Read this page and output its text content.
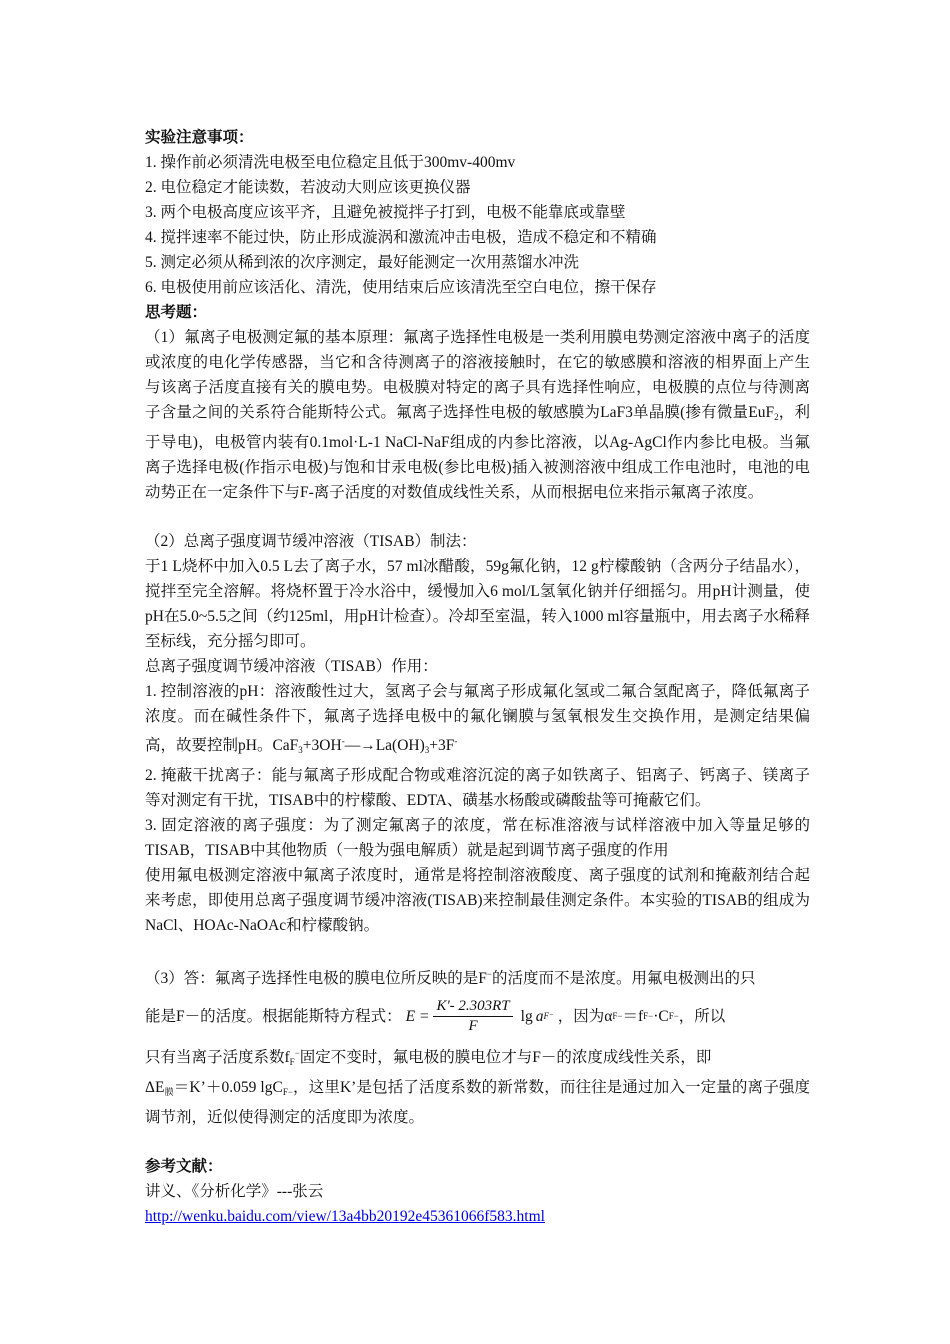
实验注意事项：
1. 操作前必须清洗电极至电位稳定且低于300mv-400mv
2. 电位稳定才能读数，若波动大则应该更换仪器
3. 两个电极高度应该平齐，且避免被搅拌子打到，电极不能靠底或靠壁
4. 搅拌速率不能过快，防止形成漩涡和激流冲击电极，造成不稳定和不精确
5. 测定必须从稀到浓的次序测定，最好能测定一次用蒸馏水冲洗
6. 电极使用前应该活化、清洗，使用结束后应该清洗至空白电位，擦干保存
思考题：
（1）氟离子电极测定氟的基本原理：氟离子选择性电极是一类利用膜电势测定溶液中离子的活度或浓度的电化学传感器，当它和含待测离子的溶液接触时，在它的敏感膜和溶液的相界面上产生与该离子活度直接有关的膜电势。电极膜对特定的离子具有选择性响应，电极膜的点位与待测离子含量之间的关系符合能斯特公式。氟离子选择性电极的敏感膜为LaF3单晶膜(掺有微量EuF$_2$，利于导电)，电极管内装有0.1mol·L-1 NaCl-NaF组成的内参比溶液，以Ag-AgCl作内参比电极。当氟离子选择电极(作指示电极)与饱和甘汞电极(参比电极)插入被测溶液中组成工作电池时，电池的电动势正在一定条件下与F-离子活度的对数值成线性关系，从而根据电位来指示氟离子浓度。
（2）总离子强度调节缓冲溶液（TISAB）制法：
于1 L烧杯中加入0.5 L去了离子水，57 ml冰醋酸，59g氟化钠，12 g柠檬酸钠（含两分子结晶水），搅拌至完全溶解。将烧杯置于冷水浴中，缓慢加入6 mol/L氢氧化钠并仔细摇匀。用pH计测量，使pH在5.0~5.5之间（约125ml，用pH计检查）。冷却至室温，转入1000 ml容量瓶中，用去离子水稀释至标线，充分摇匀即可。
总离子强度调节缓冲溶液（TISAB）作用：
1. 控制溶液的pH：溶液酸性过大，氢离子会与氟离子形成氟化氢或二氟合氢配离子，降低氟离子浓度。而在碱性条件下，氟离子选择电极中的氟化镧膜与氢氧根发生交换作用，是测定结果偏高，故要控制pH。$CaF_3+3OH^-—\to La(OH)_3+3F^-$
2. 掩蔽干扰离子：能与氟离子形成配合物或难溶沉淀的离子如铁离子、铝离子、钙离子、镁离子等对测定有干扰，TISAB中的柠檬酸、EDTA、磺基水杨酸或磷酸盐等可掩蔽它们。
3. 固定溶液的离子强度：为了测定氟离子的浓度，常在标准溶液与试样溶液中加入等量足够的TISAB，TISAB中其他物质（一般为强电解质）就是起到调节离子强度的作用
使用氟电极测定溶液中氟离子浓度时，通常是将控制溶液酸度、离子强度的试剂和掩蔽剂结合起来考虑，即使用总离子强度调节缓冲溶液(TISAB)来控制最佳测定条件。本实验的TISAB的组成为NaCl、HOAc-NaOAc和柠檬酸钠。
（3）答：氟离子选择性电极的膜电位所反映的是F−的活度而不是浓度。用氟电极测出的只
能是F－的活度。根据能斯特方程式： $E = \frac{K'- 2.303RT}{F}$ lg a F⁻ ，因为α F − ＝f F − ·C F − ，所以
只有当离子活度系数$f_F^-$固定不变时，氟电极的膜电位才与F－的浓度成线性关系，即
$\Delta E_膜=K’+0.059$ lgC$_{F-}$，这里K’是包括了活度系数的新常数，而往往是通过加入一定量的离子强度调节剂，近似使得测定的活度即为浓度。
参考文献：
讲义、《分析化学》---张云
http://wenku.baidu.com/view/13a4bb20192e45361066f583.html
